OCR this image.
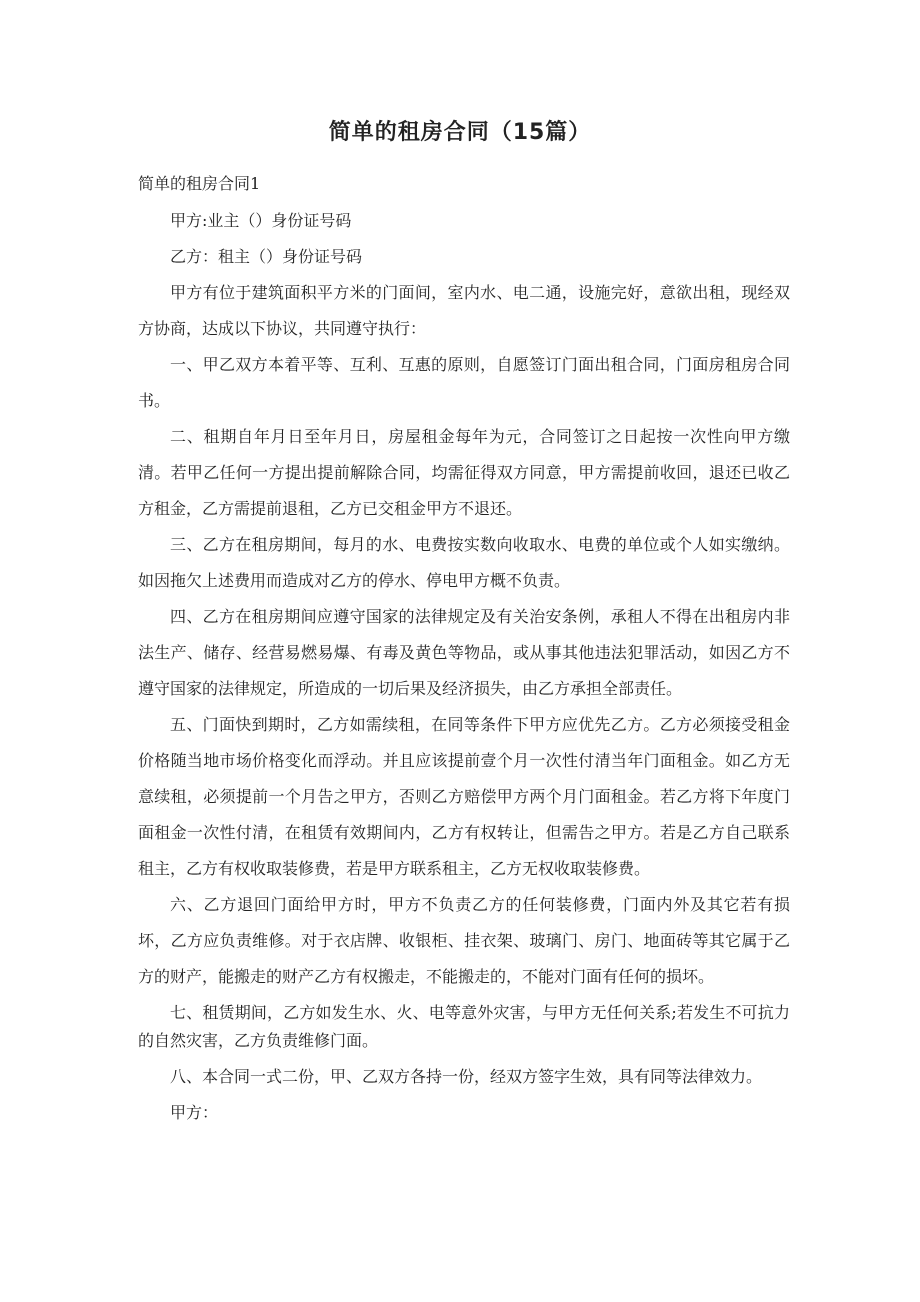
简单的租房合同（15篇）
简单的租房合同1

甲方:业主（）身份证号码

乙方：租主（）身份证号码

甲方有位于建筑面积平方米的门面间，室内水、电二通，设施完好，意欲出租，现经双方协商，达成以下协议，共同遵守执行：

一、甲乙双方本着平等、互利、互惠的原则，自愿签订门面出租合同，门面房租房合同书。

二、租期自年月日至年月日，房屋租金每年为元，合同签订之日起按一次性向甲方缴清。若甲乙任何一方提出提前解除合同，均需征得双方同意，甲方需提前收回，退还已收乙方租金，乙方需提前退租，乙方已交租金甲方不退还。

三、乙方在租房期间，每月的水、电费按实数向收取水、电费的单位或个人如实缴纳。如因拖欠上述费用而造成对乙方的停水、停电甲方概不负责。

四、乙方在租房期间应遵守国家的法律规定及有关治安条例，承租人不得在出租房内非法生产、储存、经营易燃易爆、有毒及黄色等物品，或从事其他违法犯罪活动，如因乙方不遵守国家的法律规定，所造成的一切后果及经济损失，由乙方承担全部责任。

五、门面快到期时，乙方如需续租，在同等条件下甲方应优先乙方。乙方必须接受租金价格随当地市场价格变化而浮动。并且应该提前壹个月一次性付清当年门面租金。如乙方无意续租，必须提前一个月告之甲方，否则乙方赔偿甲方两个月门面租金。若乙方将下年度门面租金一次性付清，在租赁有效期间内，乙方有权转让，但需告之甲方。若是乙方自己联系租主，乙方有权收取装修费，若是甲方联系租主，乙方无权收取装修费。

六、乙方退回门面给甲方时，甲方不负责乙方的任何装修费，门面内外及其它若有损坏，乙方应负责维修。对于衣店牌、收银柜、挂衣架、玻璃门、房门、地面砖等其它属于乙方的财产，能搬走的财产乙方有权搬走，不能搬走的，不能对门面有任何的损坏。

七、租赁期间，乙方如发生水、火、电等意外灾害，与甲方无任何关系;若发生不可抗力的自然灾害，乙方负责维修门面。

八、本合同一式二份，甲、乙双方各持一份，经双方签字生效，具有同等法律效力。

甲方：
